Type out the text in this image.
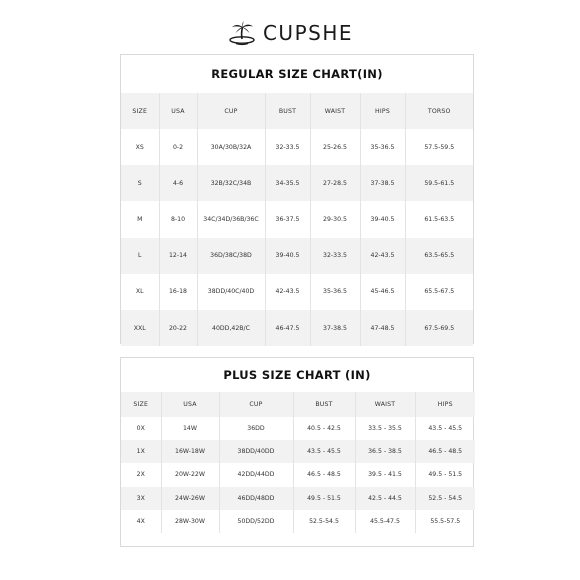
CUPSHE
REGULAR SIZE CHART(IN)
SIZE	USA	CUP	BUST	WAIST	HIPS	TORSO
XS	0-2	30A/30B/32A	32-33.5	25-26.5	35-36.5	57.5-59.5
S	4-6	32B/32C/34B	34-35.5	27-28.5	37-38.5	59.5-61.5
M	8-10	34C/34D/36B/36C	36-37.5	29-30.5	39-40.5	61.5-63.5
L	12-14	36D/38C/38D	39-40.5	32-33.5	42-43.5	63.5-65.5
XL	16-18	38DD/40C/40D	42-43.5	35-36.5	45-46.5	65.5-67.5
XXL	20-22	40DD,42B/C	46-47.5	37-38.5	47-48.5	67.5-69.5
PLUS SIZE CHART (IN)
SIZE	USA	CUP	BUST	WAIST	HIPS
0X	14W	36DD	40.5 - 42.5	33.5 - 35.5	43.5 - 45.5
1X	16W-18W	38DD/40DD	43.5 - 45.5	36.5 - 38.5	46.5 - 48.5
2X	20W-22W	42DD/44DD	46.5 - 48.5	39.5 - 41.5	49.5 - 51.5
3X	24W-26W	46DD/48DD	49.5 - 51.5	42.5 - 44.5	52.5 - 54.5
4X	28W-30W	50DD/52DD	52.5-54.5	45.5-47.5	55.5-57.5
